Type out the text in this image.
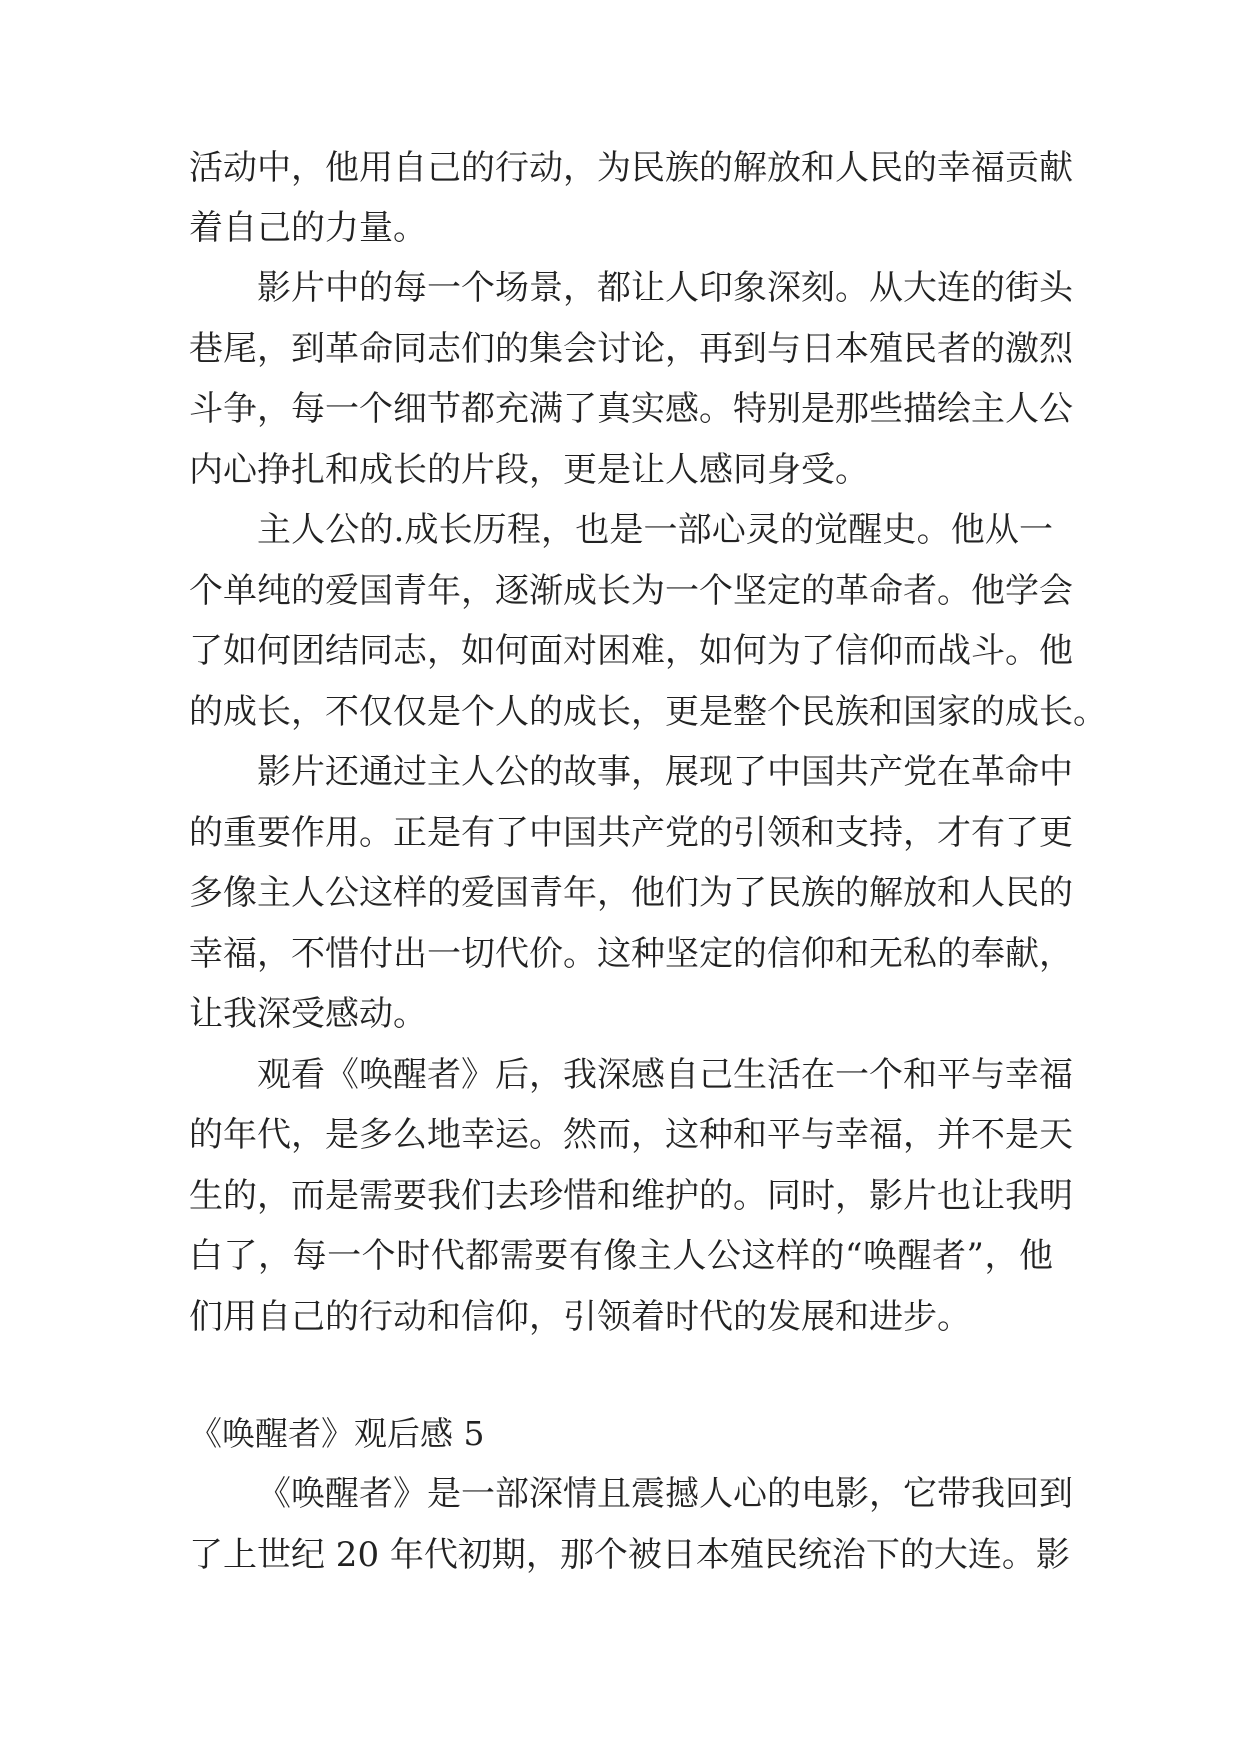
活动中，他用自己的行动，为民族的解放和人民的幸福贡献
着自己的力量。
影片中的每一个场景，都让人印象深刻。从大连的街头
巷尾，到革命同志们的集会讨论，再到与日本殖民者的激烈
斗争，每一个细节都充满了真实感。特别是那些描绘主人公
内心挣扎和成长的片段，更是让人感同身受。
主人公的.成长历程，也是一部心灵的觉醒史。他从一
个单纯的爱国青年，逐渐成长为一个坚定的革命者。他学会
了如何团结同志，如何面对困难，如何为了信仰而战斗。他
的成长，不仅仅是个人的成长，更是整个民族和国家的成长。
影片还通过主人公的故事，展现了中国共产党在革命中
的重要作用。正是有了中国共产党的引领和支持，才有了更
多像主人公这样的爱国青年，他们为了民族的解放和人民的
幸福，不惜付出一切代价。这种坚定的信仰和无私的奉献，
让我深受感动。
观看《唤醒者》后，我深感自己生活在一个和平与幸福
的年代，是多么地幸运。然而，这种和平与幸福，并不是天
生的，而是需要我们去珍惜和维护的。同时，影片也让我明
白了，每一个时代都需要有像主人公这样的“唤醒者”，他
们用自己的行动和信仰，引领着时代的发展和进步。
《唤醒者》观后感 5
《唤醒者》是一部深情且震撼人心的电影，它带我回到
了上世纪 20 年代初期，那个被日本殖民统治下的大连。影
